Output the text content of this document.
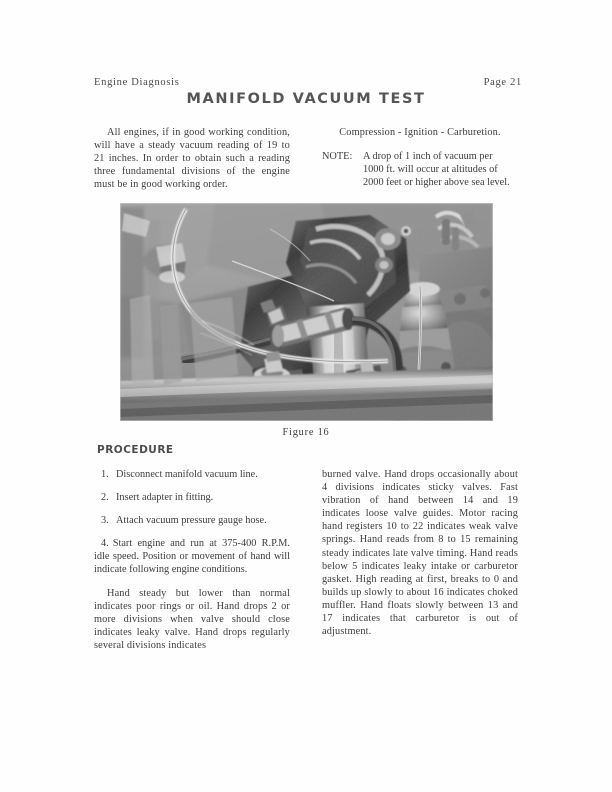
Engine Diagnosis	Page 21
MANIFOLD VACUUM TEST

All engines, if in good working condition, will have a steady vacuum reading of 19 to 21 inches. In order to obtain such a reading three fundamental divisions of the engine must be in good working order.

Compression - Ignition - Carburetion.

NOTE: A drop of 1 inch of vacuum per
1000 ft. will occur at altitudes of
2000 feet or higher above sea level.
Figure 16
PROCEDURE
1. Disconnect manifold vacuum line.
2. Insert adapter in fitting.
3. Attach vacuum pressure gauge hose.
4. Start engine and run at 375-400 R.P.M. idle speed. Position or movement of hand will indicate following engine conditions.

Hand steady but lower than normal indicates poor rings or oil. Hand drops 2 or more divisions when valve should close indicates leaky valve. Hand drops regularly several divisions indicates

burned valve. Hand drops occasionally about 4 divisions indicates sticky valves. Fast vibration of hand between 14 and 19 indicates loose valve guides. Motor racing hand registers 10 to 22 indicates weak valve springs. Hand reads from 8 to 15 remaining steady indicates late valve timing. Hand reads below 5 indicates leaky intake or carburetor gasket. High reading at first, breaks to 0 and builds up slowly to about 16 indicates choked muffler. Hand floats slowly between 13 and 17 indicates that carburetor is out of adjustment.
